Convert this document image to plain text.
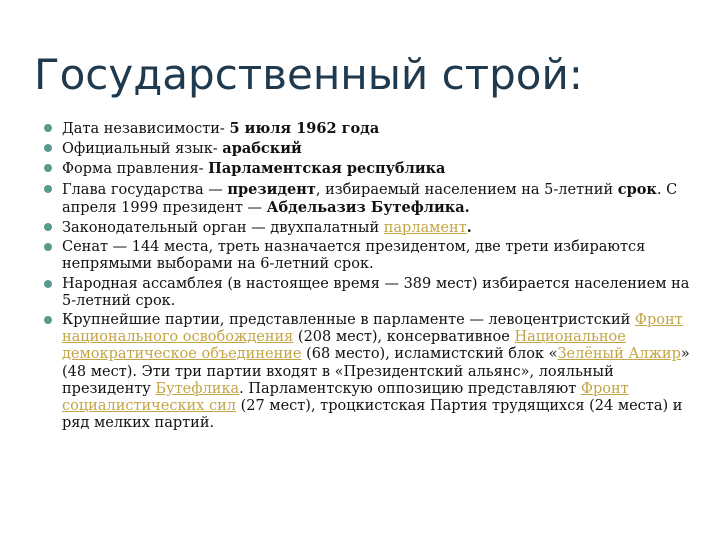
Государственный строй:
Дата независимости- 5 июля 1962 года
Официальный язык- арабский
Форма правления- Парламентская республика
Глава государства — президент, избираемый населением на 5-летний срок. С апреля 1999 президент — Абдельазиз Бутефлика.
Законодательный орган — двухпалатный парламент.
Сенат — 144 места, треть назначается президентом, две трети избираются непрямыми выборами на 6-летний срок.
Народная ассамблея (в настоящее время — 389 мест) избирается населением на 5-летний срок.
Крупнейшие партии, представленные в парламенте — левоцентристский Фронт национального освобождения (208 мест), консервативное Национальное демократическое объединение (68 место), исламистский блок «Зелёный Алжир» (48 мест). Эти три партии входят в «Президентский альянс», лояльный президенту Бутефлика. Парламентскую оппозицию представляют Фронт социалистических сил (27 мест), троцкистская Партия трудящихся (24 места) и ряд мелких партий.
